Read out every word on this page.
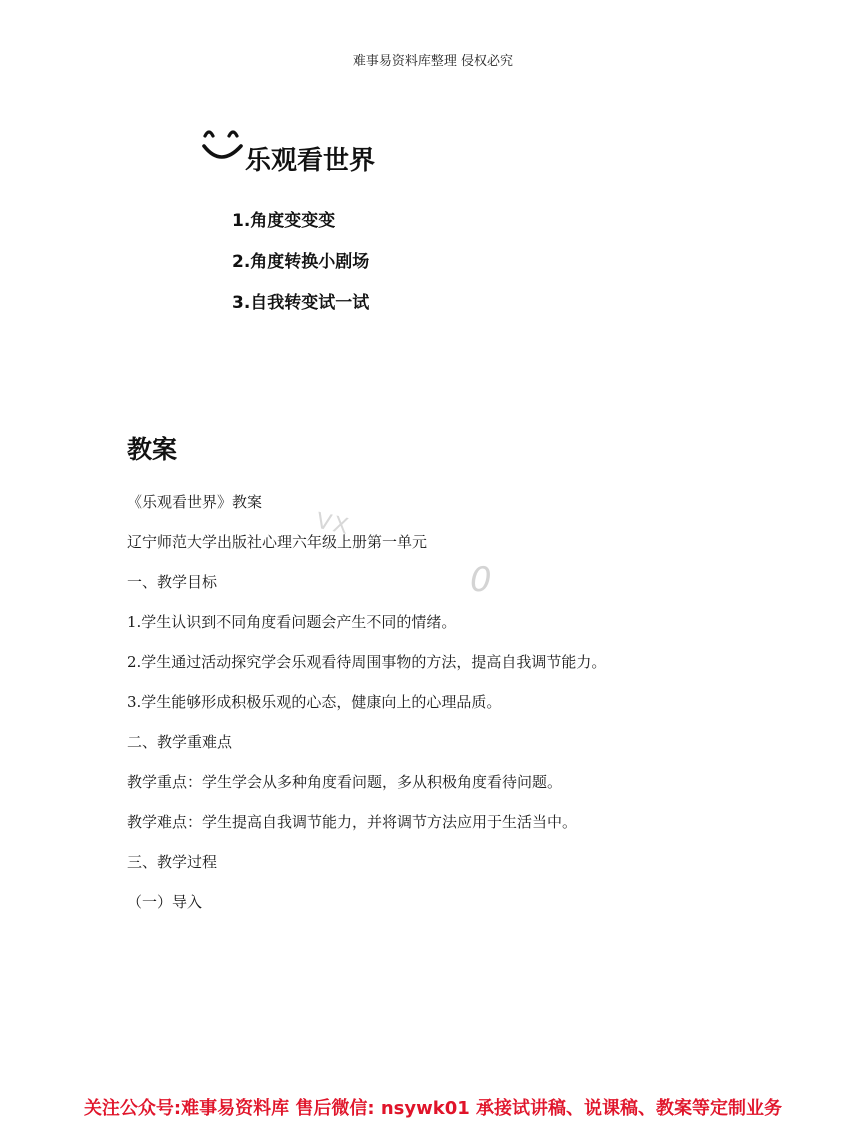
难事易资料库整理 侵权必究
乐观看世界
1.角度变变变
2.角度转换小剧场
3.自我转变试一试
教案
《乐观看世界》教案
辽宁师范大学出版社心理六年级上册第一单元
一、教学目标
1.学生认识到不同角度看问题会产生不同的情绪。
2.学生通过活动探究学会乐观看待周围事物的方法，提高自我调节能力。
3.学生能够形成积极乐观的心态，健康向上的心理品质。
二、教学重难点
教学重点：学生学会从多种角度看问题，多从积极角度看待问题。
教学难点：学生提高自我调节能力，并将调节方法应用于生活当中。
三、教学过程
（一）导入
VX
0
关注公众号:难事易资料库 售后微信: nsywk01 承接试讲稿、说课稿、教案等定制业务
